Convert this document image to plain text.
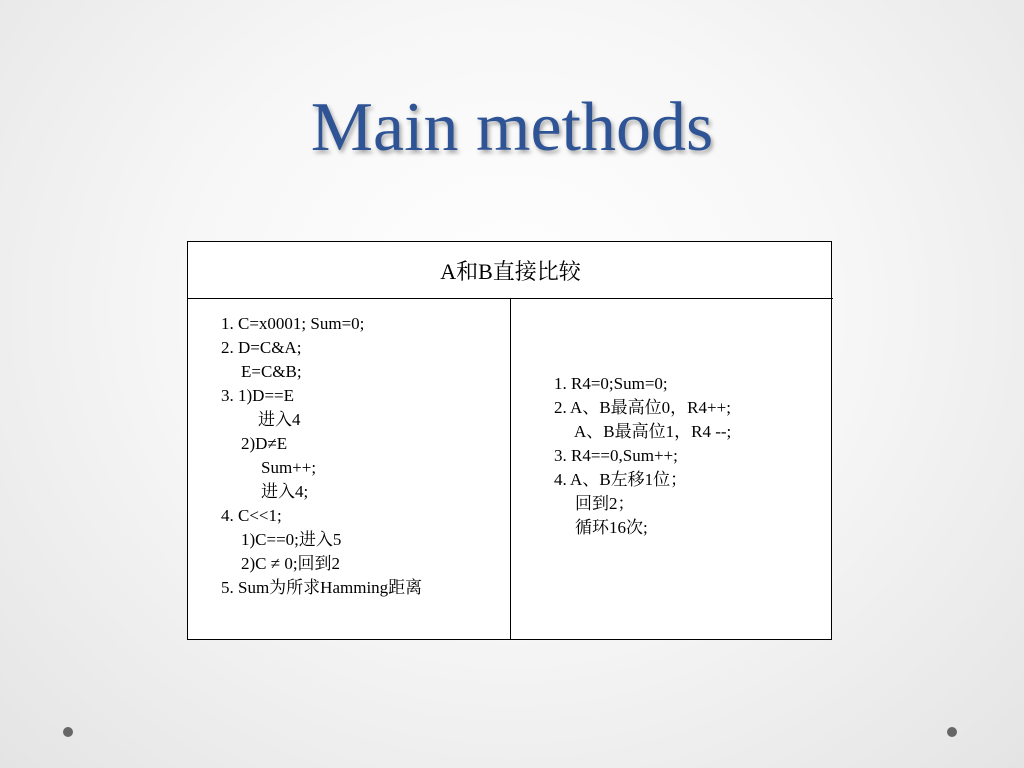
Main methods
A和B直接比较
1. C=x0001; Sum=0;
2. D=C&A;
E=C&B;
3. 1)D==E
进入4
2)D≠E
Sum++;
进入4;
4. C<<1;
1)C==0;进入5
2)C ≠ 0;回到2
5. Sum为所求Hamming距离
1. R4=0;Sum=0;
2. A、B最高位0，R4++;
A、B最高位1，R4 --;
3. R4==0,Sum++;
4. A、B左移1位；
回到2；
循环16次;
